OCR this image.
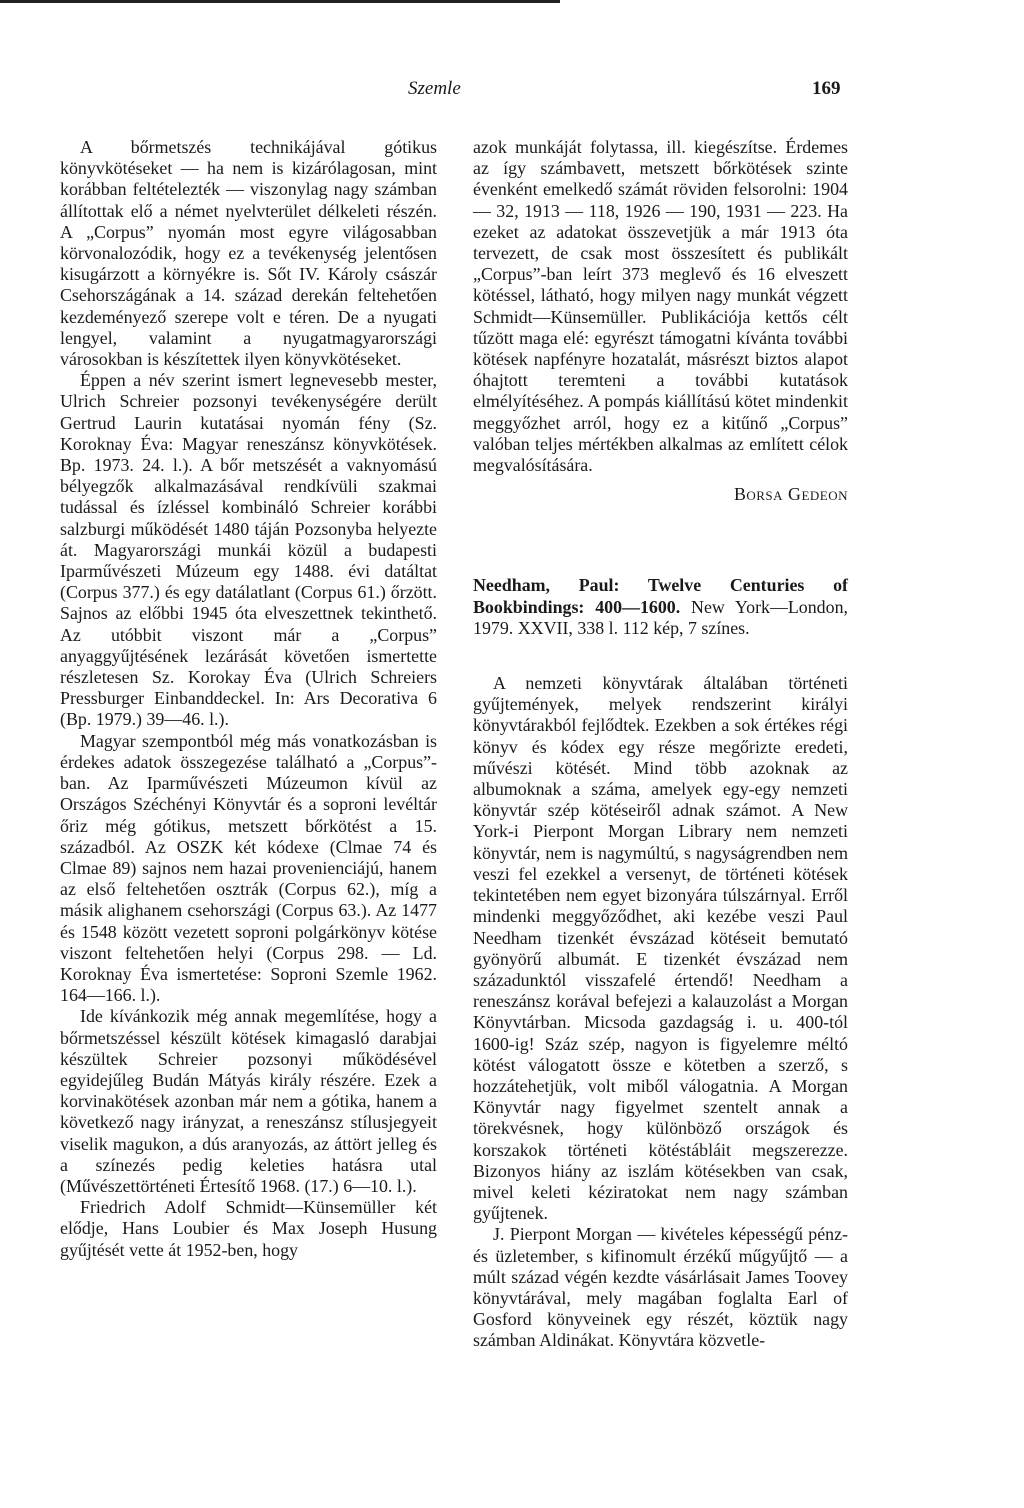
Szemle	169

A bőrmetszés technikájával gótikus könyvkötéseket — ha nem is kizárólagosan, mint korábban feltételezték — viszonylag nagy számban állítottak elő a német nyelvterület délkeleti részén. A „Corpus” nyomán most egyre világosabban körvonalozódik, hogy ez a tevékenység jelentősen kisugárzott a környékre is. Sőt IV. Károly császár Csehországának a 14. század derekán feltehetően kezdeményező szerepe volt e téren. De a nyugati lengyel, valamint a nyugatmagyarországi városokban is készítettek ilyen könyvkötéseket.

Éppen a név szerint ismert legnevesebb mester, Ulrich Schreier pozsonyi tevékenységére derült Gertrud Laurin kutatásai nyomán fény (Sz. Koroknay Éva: Magyar reneszánsz könyvkötések. Bp. 1973. 24. l.). A bőr metszését a vaknyomású bélyegzők alkalmazásával rendkívüli szakmai tudással és ízléssel kombináló Schreier korábbi salzburgi működését 1480 táján Pozsonyba helyezte át. Magyarországi munkái közül a budapesti Iparművészeti Múzeum egy 1488. évi datáltat (Corpus 377.) és egy datálatlant (Corpus 61.) őrzött. Sajnos az előbbi 1945 óta elveszettnek tekinthető. Az utóbbit viszont már a „Corpus” anyaggyűjtésének lezárását követően ismertette részletesen Sz. Korokay Éva (Ulrich Schreiers Pressburger Einbanddeckel. In: Ars Decorativa 6 (Bp. 1979.) 39—46. l.).

Magyar szempontból még más vonatkozásban is érdekes adatok összegezése található a „Corpus”-ban. Az Iparművészeti Múzeumon kívül az Országos Széchényi Könyvtár és a soproni levéltár őriz még gótikus, metszett bőrkötést a 15. századból. Az OSZK két kódexe (Clmae 74 és Clmae 89) sajnos nem hazai provenienciájú, hanem az első feltehetően osztrák (Corpus 62.), míg a másik alighanem csehországi (Corpus 63.). Az 1477 és 1548 között vezetett soproni polgárkönyv kötése viszont feltehetően helyi (Corpus 298. — Ld. Koroknay Éva ismertetése: Soproni Szemle 1962. 164—166. l.).

Ide kívánkozik még annak megemlítése, hogy a bőrmetszéssel készült kötések kimagasló darabjai készültek Schreier pozsonyi működésével egyidejűleg Budán Mátyás király részére. Ezek a korvinakötések azonban már nem a gótika, hanem a következő nagy irányzat, a reneszánsz stílusjegyeit viselik magukon, a dús aranyozás, az áttört jelleg és a színezés pedig keleties hatásra utal (Művészettörténeti Értesítő 1968. (17.) 6—10. l.).

Friedrich Adolf Schmidt—Künsemüller két elődje, Hans Loubier és Max Joseph Husung gyűjtését vette át 1952-ben, hogy

azok munkáját folytassa, ill. kiegészítse. Érdemes az így számbavett, metszett bőrkötések szinte évenként emelkedő számát röviden felsorolni: 1904 — 32, 1913 — 118, 1926 — 190, 1931 — 223. Ha ezeket az adatokat összevetjük a már 1913 óta tervezett, de csak most összesített és publikált „Corpus”-ban leírt 373 meglevő és 16 elveszett kötéssel, látható, hogy milyen nagy munkát végzett Schmidt—Künsemüller. Publikációja kettős célt tűzött maga elé: egyrészt támogatni kívánta további kötések napfényre hozatalát, másrészt biztos alapot óhajtott teremteni a további kutatások elmélyítéséhez. A pompás kiállítású kötet mindenkit meggyőzhet arról, hogy ez a kitűnő „Corpus” valóban teljes mértékben alkalmas az említett célok megvalósítására.

Borsa Gedeon

Needham, Paul: Twelve Centuries of Bookbindings: 400—1600. New York—London, 1979. XXVII, 338 l. 112 kép, 7 színes.

A nemzeti könyvtárak általában történeti gyűjtemények, melyek rendszerint királyi könyvtárakból fejlődtek. Ezekben a sok értékes régi könyv és kódex egy része megőrizte eredeti, művészi kötését. Mind több azoknak az albumoknak a száma, amelyek egy-egy nemzeti könyvtár szép kötéseiről adnak számot. A New York-i Pierpont Morgan Library nem nemzeti könyvtár, nem is nagymúltú, s nagyságrendben nem veszi fel ezekkel a versenyt, de történeti kötések tekintetében nem egyet bizonyára túlszárnyal. Erről mindenki meggyőződhet, aki kezébe veszi Paul Needham tizenkét évszázad kötéseit bemutató gyönyörű albumát. E tizenkét évszázad nem századunktól visszafelé értendő! Needham a reneszánsz korával befejezi a kalauzolást a Morgan Könyvtárban. Micsoda gazdagság i. u. 400-tól 1600-ig! Száz szép, nagyon is figyelemre méltó kötést válogatott össze e kötetben a szerző, s hozzátehetjük, volt miből válogatnia. A Morgan Könyvtár nagy figyelmet szentelt annak a törekvésnek, hogy különböző országok és korszakok történeti kötéstábláit megszerezze. Bizonyos hiány az iszlám kötésekben van csak, mivel keleti kéziratokat nem nagy számban gyűjtenek.

J. Pierpont Morgan — kivételes képességű pénz- és üzletember, s kifinomult érzékű műgyűjtő — a múlt század végén kezdte vásárlásait James Toovey könyvtárával, mely magában foglalta Earl of Gosford könyveinek egy részét, köztük nagy számban Aldinákat. Könyvtára közvetle-
